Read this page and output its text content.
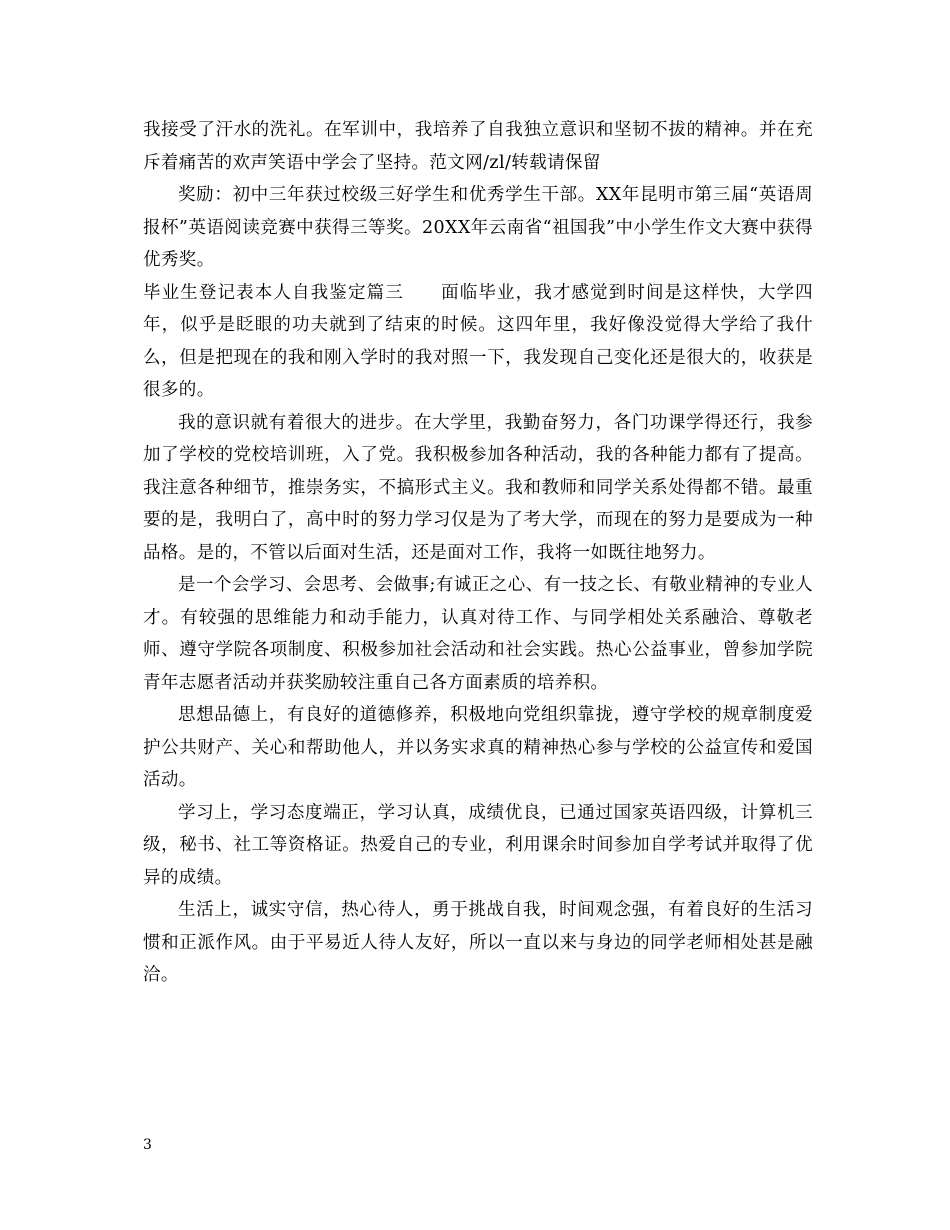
我接受了汗水的洗礼。在军训中，我培养了自我独立意识和坚韧不拔的精神。并在充斥着痛苦的欢声笑语中学会了坚持。范文网/zl/转载请保留

奖励：初中三年获过校级三好学生和优秀学生干部。XX年昆明市第三届“英语周报杯”英语阅读竞赛中获得三等奖。20XX年云南省“祖国我”中小学生作文大赛中获得优秀奖。

毕业生登记表本人自我鉴定篇三　　面临毕业，我才感觉到时间是这样快，大学四年，似乎是眨眼的功夫就到了结束的时候。这四年里，我好像没觉得大学给了我什么，但是把现在的我和刚入学时的我对照一下，我发现自己变化还是很大的，收获是很多的。

我的意识就有着很大的进步。在大学里，我勤奋努力，各门功课学得还行，我参加了学校的党校培训班，入了党。我积极参加各种活动，我的各种能力都有了提高。我注意各种细节，推崇务实，不搞形式主义。我和教师和同学关系处得都不错。最重要的是，我明白了，高中时的努力学习仅是为了考大学，而现在的努力是要成为一种品格。是的，不管以后面对生活，还是面对工作，我将一如既往地努力。

是一个会学习、会思考、会做事;有诚正之心、有一技之长、有敬业精神的专业人才。有较强的思维能力和动手能力，认真对待工作、与同学相处关系融洽、尊敬老师、遵守学院各项制度、积极参加社会活动和社会实践。热心公益事业，曾参加学院青年志愿者活动并获奖励较注重自己各方面素质的培养积。

思想品德上，有良好的道德修养，积极地向党组织靠拢，遵守学校的规章制度爱护公共财产、关心和帮助他人，并以务实求真的精神热心参与学校的公益宣传和爱国活动。

学习上，学习态度端正，学习认真，成绩优良，已通过国家英语四级，计算机三级，秘书、社工等资格证。热爱自己的专业，利用课余时间参加自学考试并取得了优异的成绩。

生活上，诚实守信，热心待人，勇于挑战自我，时间观念强，有着良好的生活习惯和正派作风。由于平易近人待人友好，所以一直以来与身边的同学老师相处甚是融洽。

3
